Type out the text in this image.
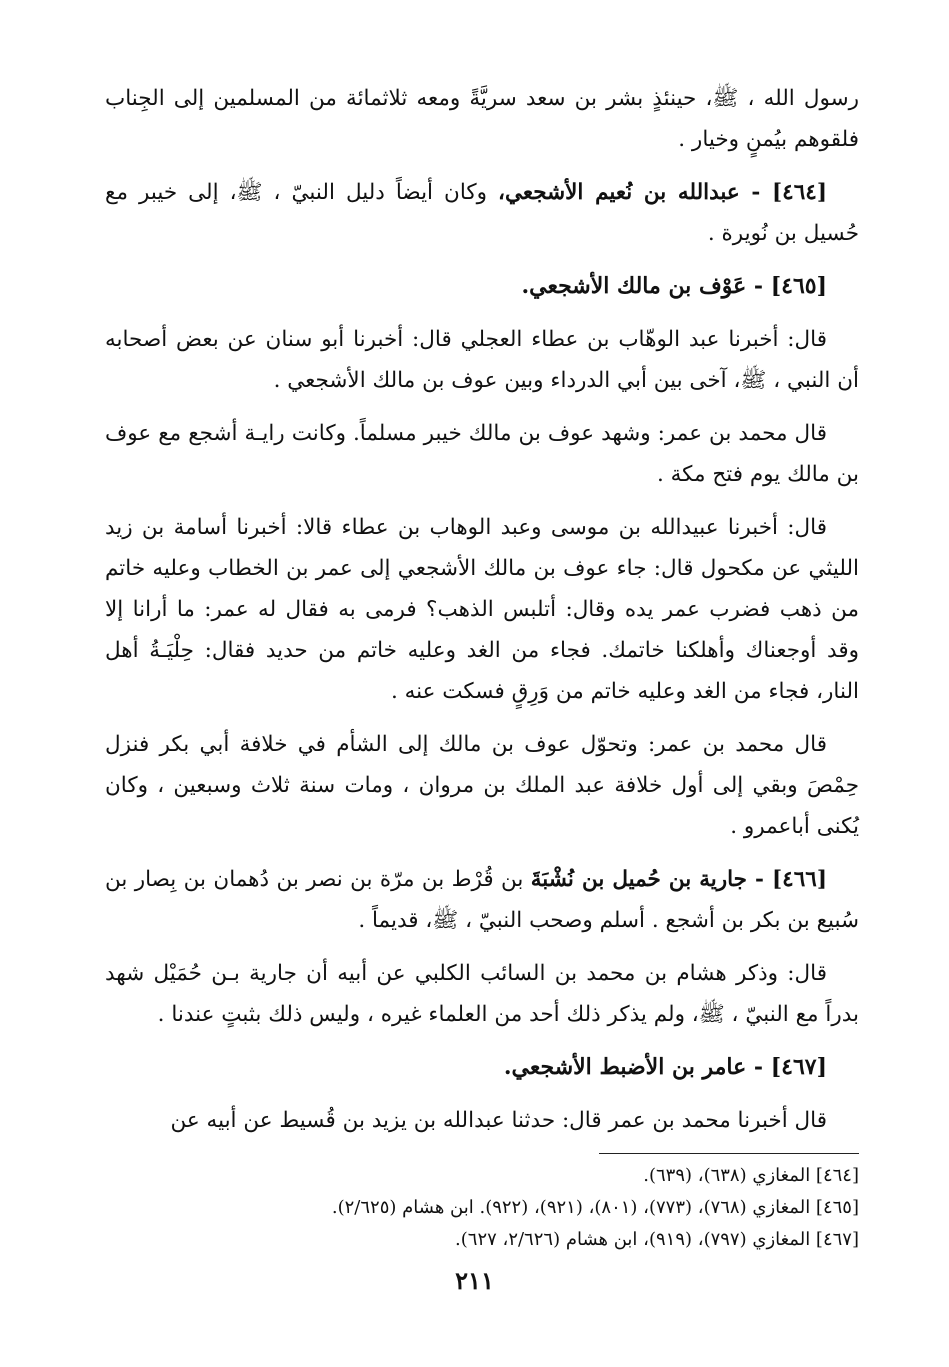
رسول الله ، ﷺ، حينئذٍ بشر بن سعد سريَّةً ومعه ثلاثمائة من المسلمين إلى الجِناب فلقوهم بيُمنٍ وخيار .

[٤٦٤] - عبدالله بن نُعيم الأشجعي، وكان أيضاً دليل النبيّ ، ﷺ، إلى خيبر مع حُسيل بن نُويرة .

[٤٦٥] - عَوْف بن مالك الأشجعي.

قال: أخبرنا عبد الوهّاب بن عطاء العجلي قال: أخبرنا أبو سنان عن بعض أصحابه أن النبي ، ﷺ، آخى بين أبي الدرداء وبين عوف بن مالك الأشجعي .

قال محمد بن عمر: وشهد عوف بن مالك خيبر مسلماً. وكانت رايـة أشجع مع عوف بن مالك يوم فتح مكة .

قال: أخبرنا عبيدالله بن موسى وعبد الوهاب بن عطاء قالا: أخبرنا أسامة بن زيد الليثي عن مكحول قال: جاء عوف بن مالك الأشجعي إلى عمر بن الخطاب وعليه خاتم من ذهب فضرب عمر يده وقال: أتلبس الذهب؟ فرمى به فقال له عمر: ما أرانا إلا وقد أوجعناك وأهلكنا خاتمك. فجاء من الغد وعليه خاتم من حديد فقال: حِلْيَـةُ أهل النار، فجاء من الغد وعليه خاتم من وَرِقٍ فسكت عنه .

قال محمد بن عمر: وتحوّل عوف بن مالك إلى الشأم في خلافة أبي بكر فنزل حِمْصَ وبقي إلى أول خلافة عبد الملك بن مروان ، ومات سنة ثلاث وسبعين ، وكان يُكنى أباعمرو .

[٤٦٦] - جارية بن حُميل بن نُشْبَةَ بن قُرْط بن مرّة بن نصر بن دُهمان بن بِصار بن سُبيع بن بكر بن أشجع . أسلم وصحب النبيّ ، ﷺ، قديماً .

قال: وذكر هشام بن محمد بن السائب الكلبي عن أبيه أن جارية بـن حُمَيْل شهد بدراً مع النبيّ ، ﷺ، ولم يذكر ذلك أحد من العلماء غيره ، وليس ذلك بثبتٍ عندنا .

[٤٦٧] - عامر بن الأضبط الأشجعي.

قال أخبرنا محمد بن عمر قال: حدثنا عبدالله بن يزيد بن قُسيط عن أبيه عن

[٤٦٤] المغازي (٦٣٨)، (٦٣٩).

[٤٦٥] المغازي (٧٦٨)، (٧٧٣)، (٨٠١)، (٩٢١)، (٩٢٢). ابن هشام (٢/٦٢٥).

[٤٦٧] المغازي (٧٩٧)، (٩١٩)، ابن هشام (٢/٦٢٦، ٦٢٧).

٢١١
